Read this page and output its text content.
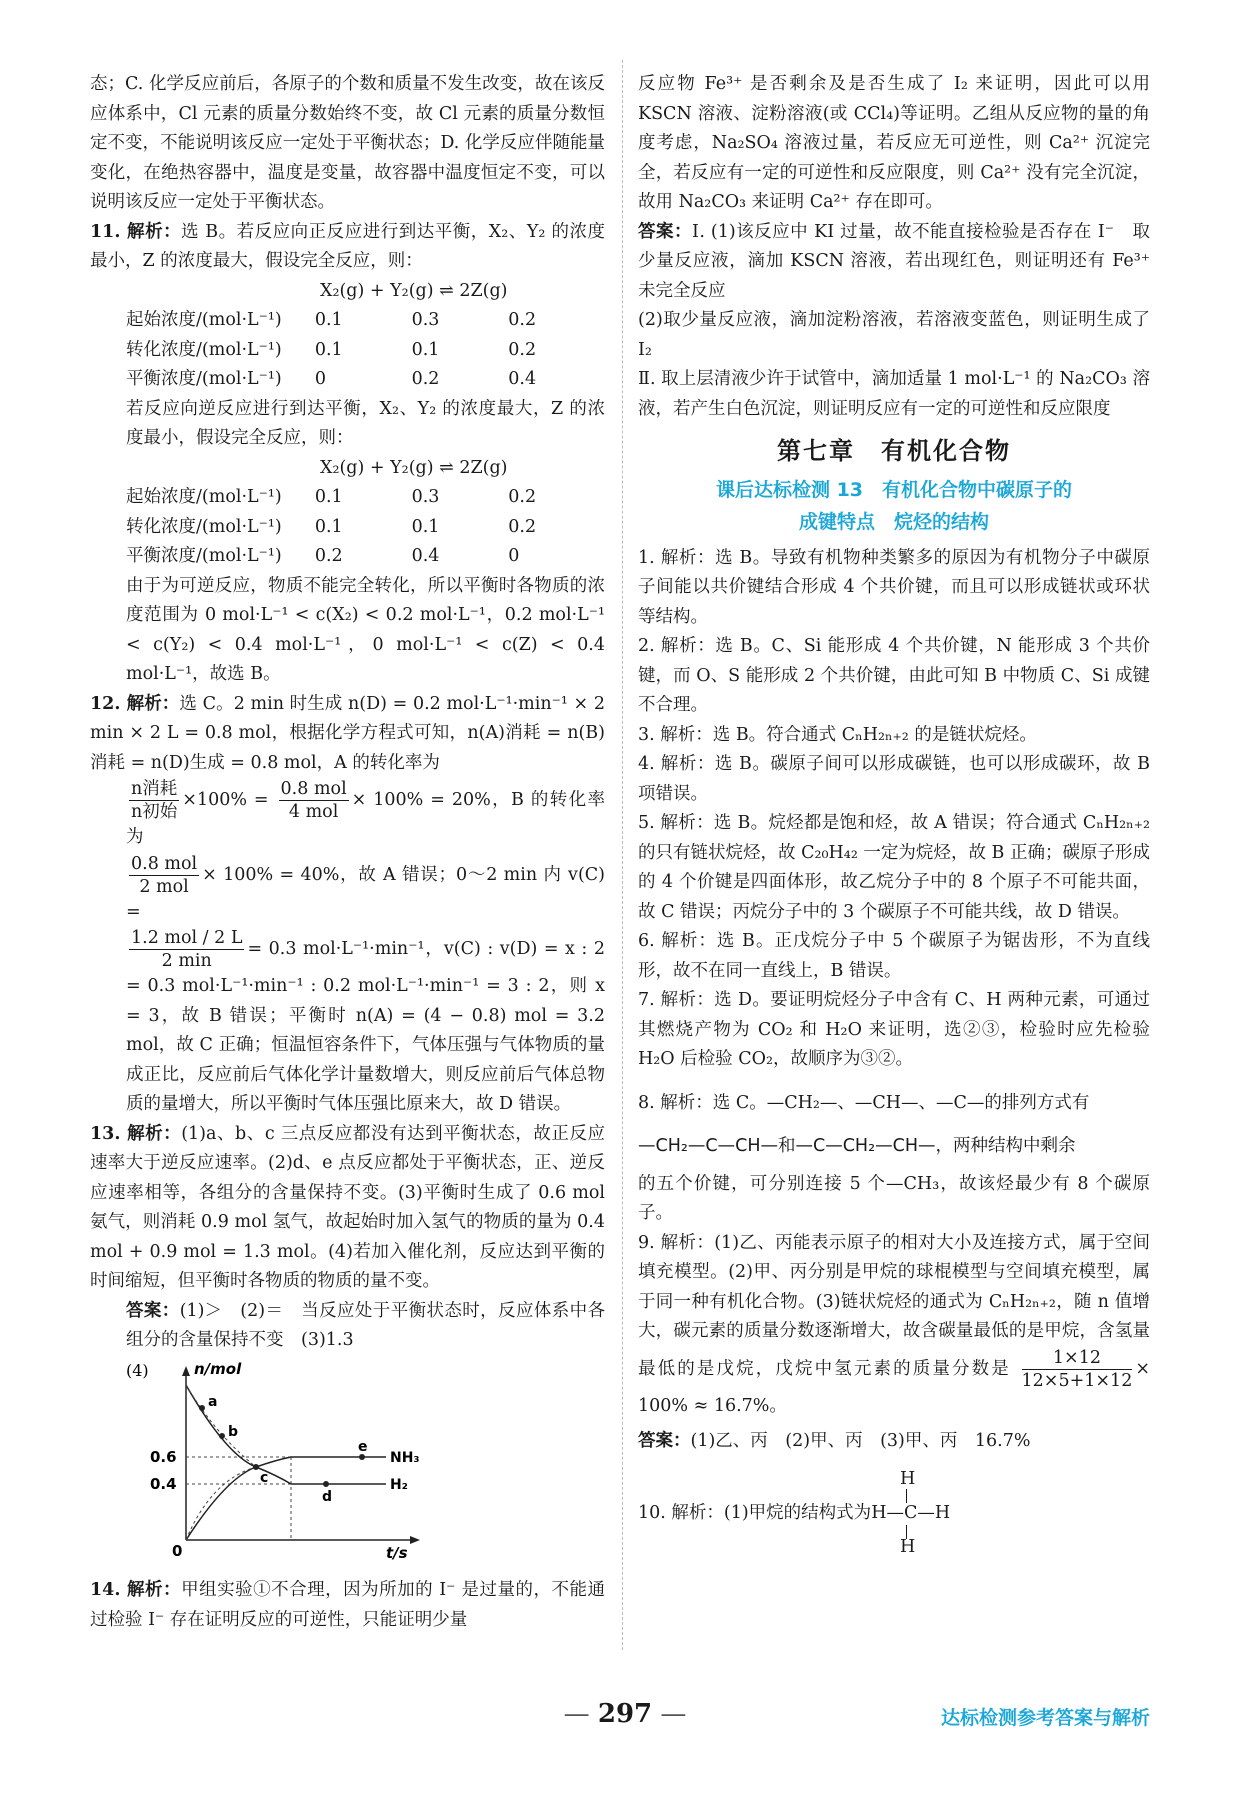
态；C. 化学反应前后，各原子的个数和质量不发生改变，故在该反应体系中，Cl 元素的质量分数始终不变，故 Cl 元素的质量分数恒定不变，不能说明该反应一定处于平衡状态；D. 化学反应伴随能量变化，在绝热容器中，温度是变量，故容器中温度恒定不变，可以说明该反应一定处于平衡状态。

11. 解析：选 B。若反应向正反应进行到达平衡，X₂、Y₂ 的浓度最小，Z 的浓度最大，假设完全反应，则：

X₂(g) + Y₂(g) ⇌ 2Z(g)
起始浓度/(mol·L⁻¹)	0.1	0.3	0.2
转化浓度/(mol·L⁻¹)	0.1	0.1	0.2
平衡浓度/(mol·L⁻¹)	0	0.2	0.4

若反应向逆反应进行到达平衡，X₂、Y₂ 的浓度最大，Z 的浓度最小，假设完全反应，则：

X₂(g) + Y₂(g) ⇌ 2Z(g)
起始浓度/(mol·L⁻¹)	0.1	0.3	0.2
转化浓度/(mol·L⁻¹)	0.1	0.1	0.2
平衡浓度/(mol·L⁻¹)	0.2	0.4	0

由于为可逆反应，物质不能完全转化，所以平衡时各物质的浓度范围为 0 mol·L⁻¹ < c(X₂) < 0.2 mol·L⁻¹，0.2 mol·L⁻¹ < c(Y₂) < 0.4 mol·L⁻¹，0 mol·L⁻¹ < c(Z) < 0.4 mol·L⁻¹，故选 B。

12. 解析：选 C。2 min 时生成 n(D) = 0.2 mol·L⁻¹·min⁻¹ × 2 min × 2 L = 0.8 mol，根据化学方程式可知，n(A)消耗 = n(B)消耗 = n(D)生成 = 0.8 mol，A 的转化率为

$\frac{\text{n消耗}}{\text{n初始}} \times 100\% = \frac{\text{0.8 mol}}{\text{4 mol}} \times 100\% = 20\%$，B 的转化率为

$\frac{\text{0.8 mol}}{\text{2 mol}} \times 100\% = 40\%$，故 A 错误；0～2 min 内 v(C) =

$\frac{\text{1.2 mol / 2 L}}{2 \min} = 0.3$ mol·L⁻¹·min⁻¹，v(C) : v(D) = x : 2 = 0.3 mol·L⁻¹·min⁻¹ : 0.2 mol·L⁻¹·min⁻¹ = 3 : 2，则 x = 3，故 B 错误；平衡时 n(A) = (4 − 0.8) mol = 3.2 mol，故 C 正确；恒温恒容条件下，气体压强与气体物质的量成正比，反应前后气体化学计量数增大，则反应前后气体总物质的量增大，所以平衡时气体压强比原来大，故 D 错误。

13. 解析：(1)a、b、c 三点反应都没有达到平衡状态，故正反应速率大于逆反应速率。(2)d、e 点反应都处于平衡状态，正、逆反应速率相等，各组分的含量保持不变。(3)平衡时生成了 0.6 mol 氨气，则消耗 0.9 mol 氢气，故起始时加入氢气的物质的量为 0.4 mol + 0.9 mol = 1.3 mol。(4)若加入催化剂，反应达到平衡的时间缩短，但平衡时各物质的物质的量不变。

答案：(1)＞　(2)＝　当反应处于平衡状态时，反应体系中各组分的含量保持不变　(3)1.3

(4)	n/mol
t/s
0
0.6
0.4
a
b
c
d
e
NH₃
H₂

14. 解析：甲组实验①不合理，因为所加的 I⁻ 是过量的，不能通过检验 I⁻ 存在证明反应的可逆性，只能证明少量

反应物 Fe³⁺ 是否剩余及是否生成了 I₂ 来证明，因此可以用 KSCN 溶液、淀粉溶液(或 CCl₄)等证明。乙组从反应物的量的角度考虑，Na₂SO₄ 溶液过量，若反应无可逆性，则 Ca²⁺ 沉淀完全，若反应有一定的可逆性和反应限度，则 Ca²⁺ 没有完全沉淀，故用 Na₂CO₃ 来证明 Ca²⁺ 存在即可。

答案：Ⅰ. (1)该反应中 KI 过量，故不能直接检验是否存在 I⁻　取少量反应液，滴加 KSCN 溶液，若出现红色，则证明还有 Fe³⁺ 未完全反应

(2)取少量反应液，滴加淀粉溶液，若溶液变蓝色，则证明生成了 I₂

Ⅱ. 取上层清液少许于试管中，滴加适量 1 mol·L⁻¹ 的 Na₂CO₃ 溶液，若产生白色沉淀，则证明反应有一定的可逆性和反应限度

第七章　有机化合物
课后达标检测 13　有机化合物中碳原子的
成键特点　烷烃的结构

1. 解析：选 B。导致有机物种类繁多的原因为有机物分子中碳原子间能以共价键结合形成 4 个共价键，而且可以形成链状或环状等结构。

2. 解析：选 B。C、Si 能形成 4 个共价键，N 能形成 3 个共价键，而 O、S 能形成 2 个共价键，由此可知 B 中物质 C、Si 成键不合理。

3. 解析：选 B。符合通式 CₙH₂ₙ₊₂ 的是链状烷烃。

4. 解析：选 B。碳原子间可以形成碳链，也可以形成碳环，故 B 项错误。

5. 解析：选 B。烷烃都是饱和烃，故 A 错误；符合通式 CₙH₂ₙ₊₂ 的只有链状烷烃，故 C₂₀H₄₂ 一定为烷烃，故 B 正确；碳原子形成的 4 个价键是四面体形，故乙烷分子中的 8 个原子不可能共面，故 C 错误；丙烷分子中的 3 个碳原子不可能共线，故 D 错误。

6. 解析：选 B。正戊烷分子中 5 个碳原子为锯齿形，不为直线形，故不在同一直线上，B 错误。

7. 解析：选 D。要证明烷烃分子中含有 C、H 两种元素，可通过其燃烧产物为 CO₂ 和 H₂O 来证明，选②③，检验时应先检验 H₂O 后检验 CO₂，故顺序为③②。

8. 解析：选 C。—CH₂—、—CH—、—C—的排列方式有

—CH₂—C—CH—和—C—CH₂—CH—，两种结构中剩余

的五个价键，可分别连接 5 个—CH₃，故该烃最少有 8 个碳原子。

9. 解析：(1)乙、丙能表示原子的相对大小及连接方式，属于空间填充模型。(2)甲、丙分别是甲烷的球棍模型与空间填充模型，属于同一种有机化合物。(3)链状烷烃的通式为 CₙH₂ₙ₊₂，随 n 值增大，碳元素的质量分数逐渐增大，故含碳量最低的是甲烷，含氢量最低的是戊烷，戊烷中氢元素的质量分数是 $\frac{1\times 12}{12\times 5+1\times 12} \times 100\% \approx 16.7\%$。

答案：(1)乙、丙　(2)甲、丙　(3)甲、丙　16.7%

H
10. 解析：(1)甲烷的结构式为H—C—H
H
— 297 —	达标检测参考答案与解析
